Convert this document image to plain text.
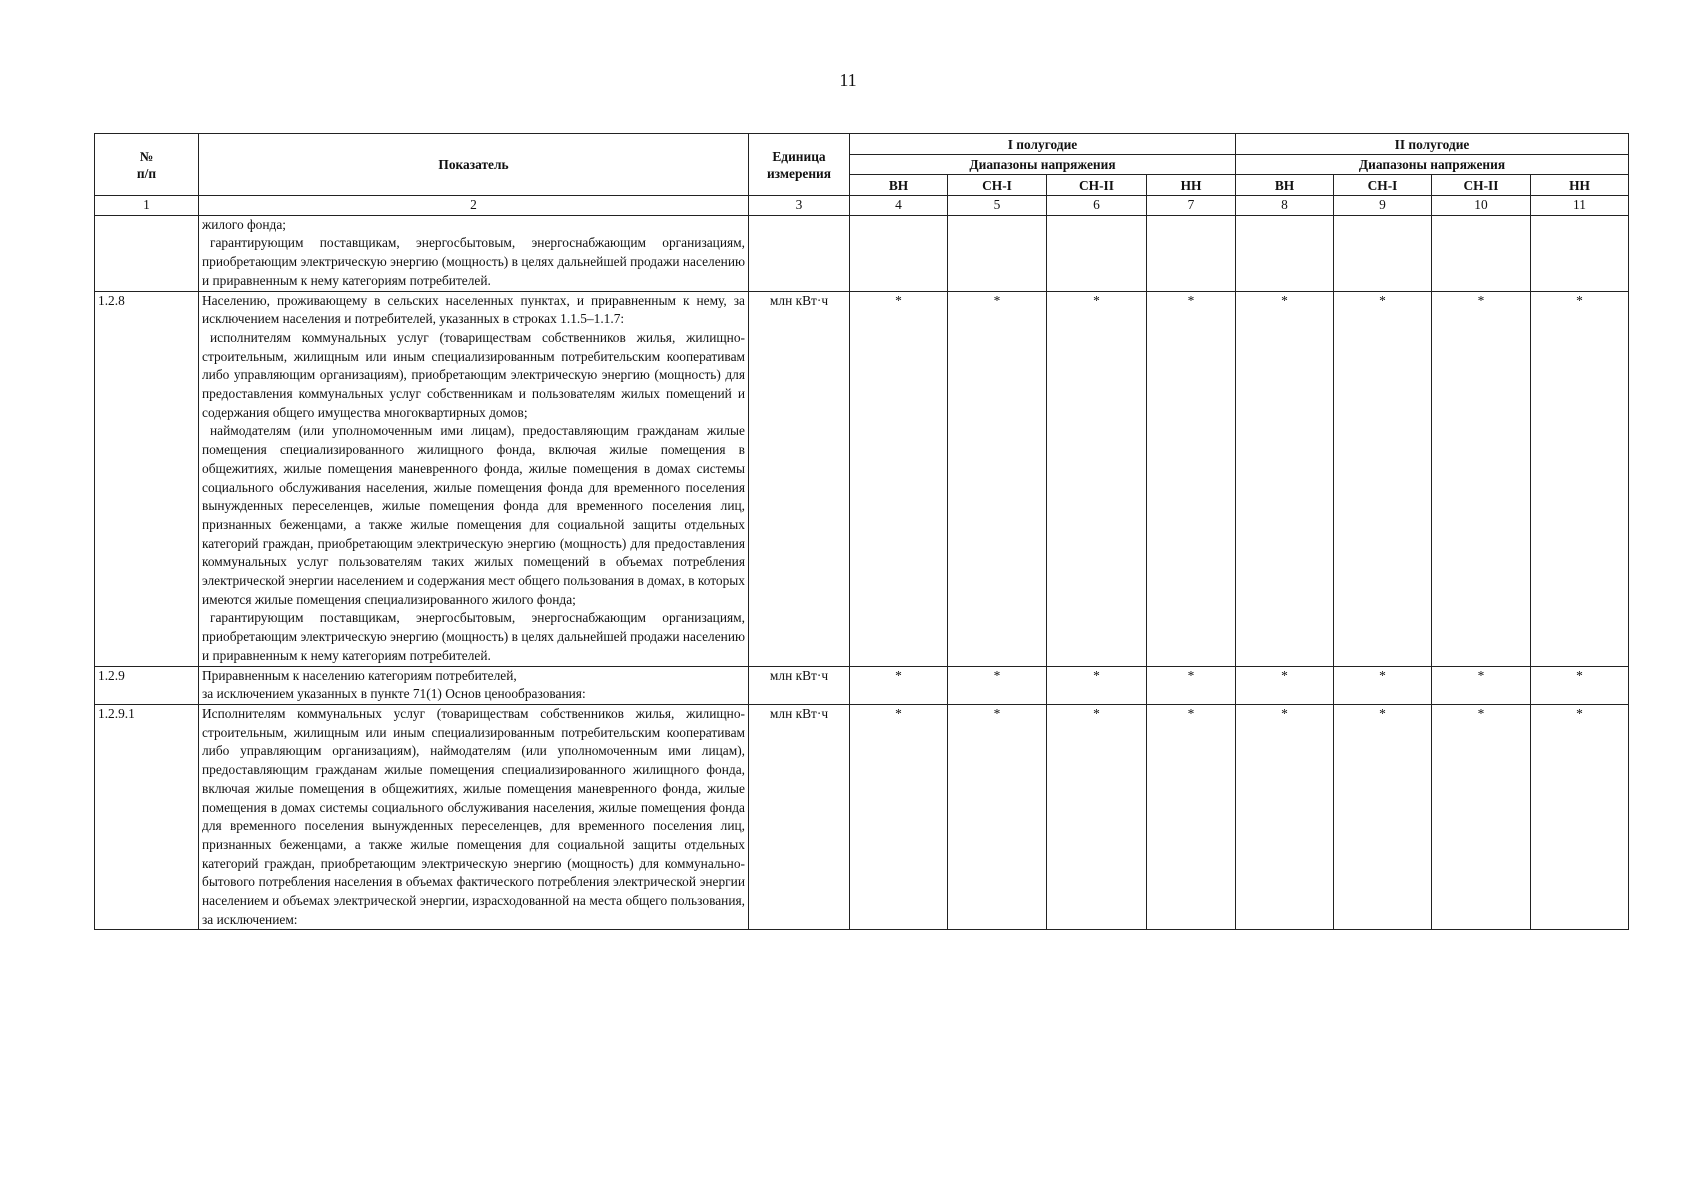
11
№
п/п	Показатель	Единица измерения	I полугодие				II полугодие			
			Диапазоны напряжения				Диапазоны напряжения			
			ВН	СН-I	СН-II	НН	ВН	СН-I	СН-II	НН
1	2	3	4	5	6	7	8	9	10	11

	жилого фонда;

гарантирующим поставщикам, энергосбытовым, энергоснабжающим организациям, приобретающим электрическую энергию (мощность) в целях дальнейшей продажи населению и приравненным к нему категориям потребителей.									

1.2.8	Населению, проживающему в сельских населенных пунктах, и приравненным к нему, за исключением населения и потребителей, указанных в строках 1.1.5–1.1.7:

исполнителям коммунальных услуг (товариществам собственников жилья, жилищно-строительным, жилищным или иным специализированным потребительским кооперативам либо управляющим организациям), приобретающим электрическую энергию (мощность) для предоставления коммунальных услуг собственникам и пользователям жилых помещений и содержания общего имущества многоквартирных домов;

наймодателям (или уполномоченным ими лицам), предоставляющим гражданам жилые помещения специализированного жилищного фонда, включая жилые помещения в общежитиях, жилые помещения маневренного фонда, жилые помещения в домах системы социального обслуживания населения, жилые помещения фонда для временного поселения вынужденных переселенцев, жилые помещения фонда для временного поселения лиц, признанных беженцами, а также жилые помещения для социальной защиты отдельных категорий граждан, приобретающим электрическую энергию (мощность) для предоставления коммунальных услуг пользователям таких жилых помещений в объемах потребления электрической энергии населением и содержания мест общего пользования в домах, в которых имеются жилые помещения специализированного жилого фонда;

гарантирующим поставщикам, энергосбытовым, энергоснабжающим организациям, приобретающим электрическую энергию (мощность) в целях дальнейшей продажи населению и приравненным к нему категориям потребителей.	млн кВт·ч	*	*	*	*	*	*	*	*
1.2.9	Приравненным к населению категориям потребителей,

за исключением указанных в пункте 71(1) Основ ценообразования:	млн кВт·ч	*	*	*	*	*	*	*	*
1.2.9.1	Исполнителям коммунальных услуг (товариществам собственников жилья, жилищно-строительным, жилищным или иным специализированным потребительским кооперативам либо управляющим организациям), наймодателям (или уполномоченным ими лицам), предоставляющим гражданам жилые помещения специализированного жилищного фонда, включая жилые помещения в общежитиях, жилые помещения маневренного фонда, жилые помещения в домах системы социального обслуживания населения, жилые помещения фонда для временного поселения вынужденных переселенцев, для временного поселения лиц, признанных беженцами, а также жилые помещения для социальной защиты отдельных категорий граждан, приобретающим электрическую энергию (мощность) для коммунально-бытового потребления населения в объемах фактического потребления электрической энергии населением и объемах электрической энергии, израсходованной на места общего пользования, за исключением:	млн кВт·ч	*	*	*	*	*	*	*	*
